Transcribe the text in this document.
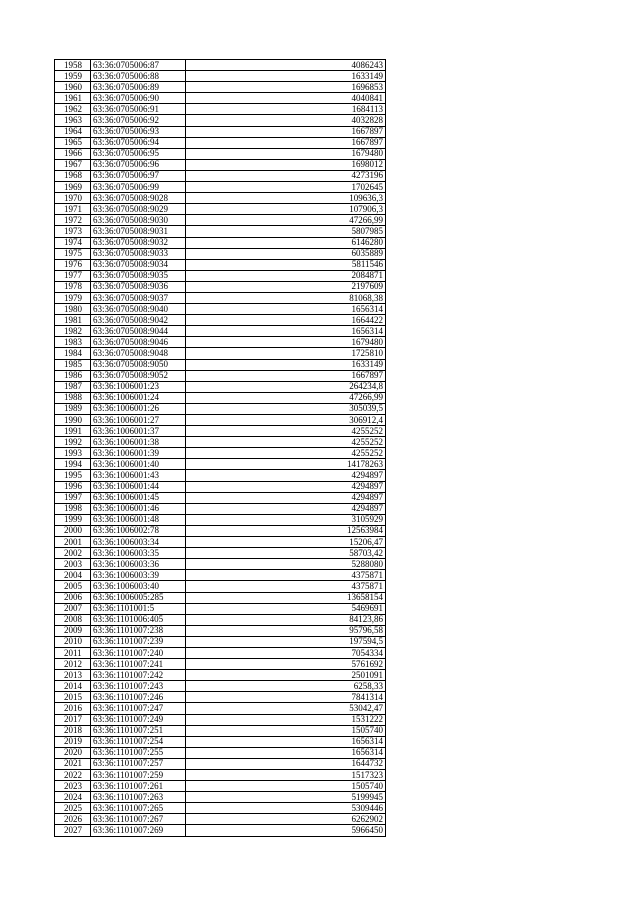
1958	63:36:0705006:87	4086243
1959	63:36:0705006:88	1633149
1960	63:36:0705006:89	1696853
1961	63:36:0705006:90	4040841
1962	63:36:0705006:91	1684113
1963	63:36:0705006:92	4032828
1964	63:36:0705006:93	1667897
1965	63:36:0705006:94	1667897
1966	63:36:0705006:95	1679480
1967	63:36:0705006:96	1698012
1968	63:36:0705006:97	4273196
1969	63:36:0705006:99	1702645
1970	63:36:0705008:9028	109636,3
1971	63:36:0705008:9029	107906,3
1972	63:36:0705008:9030	47266,99
1973	63:36:0705008:9031	5807985
1974	63:36:0705008:9032	6146280
1975	63:36:0705008:9033	6035889
1976	63:36:0705008:9034	5811546
1977	63:36:0705008:9035	2084871
1978	63:36:0705008:9036	2197609
1979	63:36:0705008:9037	81068,38
1980	63:36:0705008:9040	1656314
1981	63:36:0705008:9042	1664422
1982	63:36:0705008:9044	1656314
1983	63:36:0705008:9046	1679480
1984	63:36:0705008:9048	1725810
1985	63:36:0705008:9050	1633149
1986	63:36:0705008:9052	1667897
1987	63:36:1006001:23	264234,8
1988	63:36:1006001:24	47266,99
1989	63:36:1006001:26	305039,5
1990	63:36:1006001:27	306912,4
1991	63:36:1006001:37	4255252
1992	63:36:1006001:38	4255252
1993	63:36:1006001:39	4255252
1994	63:36:1006001:40	14178263
1995	63:36:1006001:43	4294897
1996	63:36:1006001:44	4294897
1997	63:36:1006001:45	4294897
1998	63:36:1006001:46	4294897
1999	63:36:1006001:48	3105929
2000	63:36:1006002:78	12563984
2001	63:36:1006003:34	15206,47
2002	63:36:1006003:35	58703,42
2003	63:36:1006003:36	5288080
2004	63:36:1006003:39	4375871
2005	63:36:1006003:40	4375871
2006	63:36:1006005:285	13658154
2007	63:36:1101001:5	5469691
2008	63:36:1101006:405	84123,86
2009	63:36:1101007:238	95796,58
2010	63:36:1101007:239	197594,5
2011	63:36:1101007:240	7054334
2012	63:36:1101007:241	5761692
2013	63:36:1101007:242	2501091
2014	63:36:1101007:243	6258,33
2015	63:36:1101007:246	7841314
2016	63:36:1101007:247	53042,47
2017	63:36:1101007:249	1531222
2018	63:36:1101007:251	1505740
2019	63:36:1101007:254	1656314
2020	63:36:1101007:255	1656314
2021	63:36:1101007:257	1644732
2022	63:36:1101007:259	1517323
2023	63:36:1101007:261	1505740
2024	63:36:1101007:263	5199945
2025	63:36:1101007:265	5309446
2026	63:36:1101007:267	6262902
2027	63:36:1101007:269	5966450
